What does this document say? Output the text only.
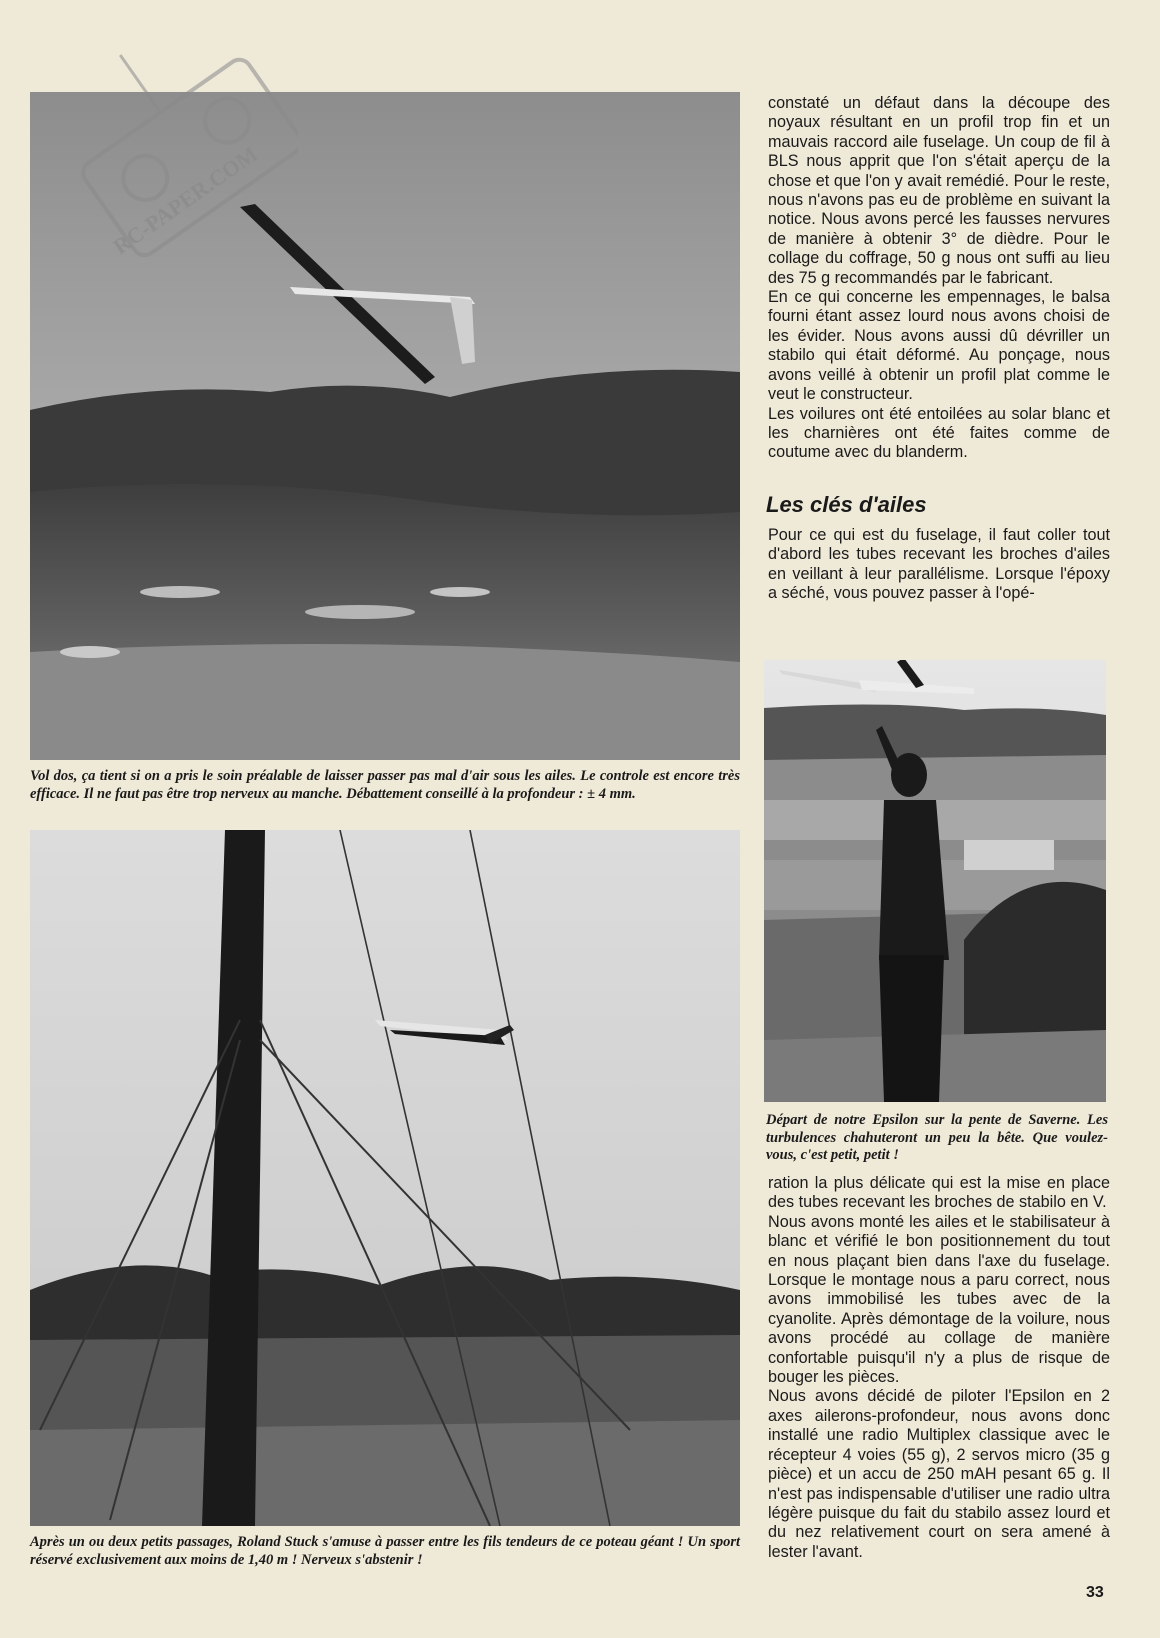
Vol dos, ça tient si on a pris le soin préalable de laisser passer pas mal d'air sous les ailes. Le controle est encore très efficace. Il ne faut pas être trop nerveux au manche. Débattement conseillé à la profondeur : ± 4 mm.

Après un ou deux petits passages, Roland Stuck s'amuse à passer entre les fils tendeurs de ce poteau géant ! Un sport réservé exclusivement aux moins de 1,40 m ! Nerveux s'abstenir !

constaté un défaut dans la découpe des noyaux résultant en un profil trop fin et un mauvais raccord aile fuselage. Un coup de fil à BLS nous apprit que l'on s'était aperçu de la chose et que l'on y avait remédié. Pour le reste, nous n'avons pas eu de problème en suivant la notice. Nous avons percé les fausses nervures de manière à obtenir 3° de dièdre. Pour le collage du coffrage, 50 g nous ont suffi au lieu des 75 g recommandés par le fabricant.

En ce qui concerne les empennages, le balsa fourni étant assez lourd nous avons choisi de les évider. Nous avons aussi dû dévriller un stabilo qui était déformé. Au ponçage, nous avons veillé à obtenir un profil plat comme le veut le constructeur.

Les voilures ont été entoilées au solar blanc et les charnières ont été faites comme de coutume avec du blanderm.

Les clés d'ailes

Pour ce qui est du fuselage, il faut coller tout d'abord les tubes recevant les broches d'ailes en veillant à leur parallélisme. Lorsque l'époxy a séché, vous pouvez passer à l'opé-

Départ de notre Epsilon sur la pente de Saverne. Les turbulences chahuteront un peu la bête. Que voulez-vous, c'est petit, petit !

ration la plus délicate qui est la mise en place des tubes recevant les broches de stabilo en V.

Nous avons monté les ailes et le stabilisateur à blanc et vérifié le bon positionnement du tout en nous plaçant bien dans l'axe du fuselage. Lorsque le montage nous a paru correct, nous avons immobilisé les tubes avec de la cyanolite. Après démontage de la voilure, nous avons procédé au collage de manière confortable puisqu'il n'y a plus de risque de bouger les pièces.

Nous avons décidé de piloter l'Epsilon en 2 axes ailerons-profondeur, nous avons donc installé une radio Multiplex classique avec le récepteur 4 voies (55 g), 2 servos micro (35 g pièce) et un accu de 250 mAH pesant 65 g. Il n'est pas indispensable d'utiliser une radio ultra légère puisque du fait du stabilo assez lourd et du nez relativement court on sera amené à lester l'avant.

33
RC-PAPER.COM
